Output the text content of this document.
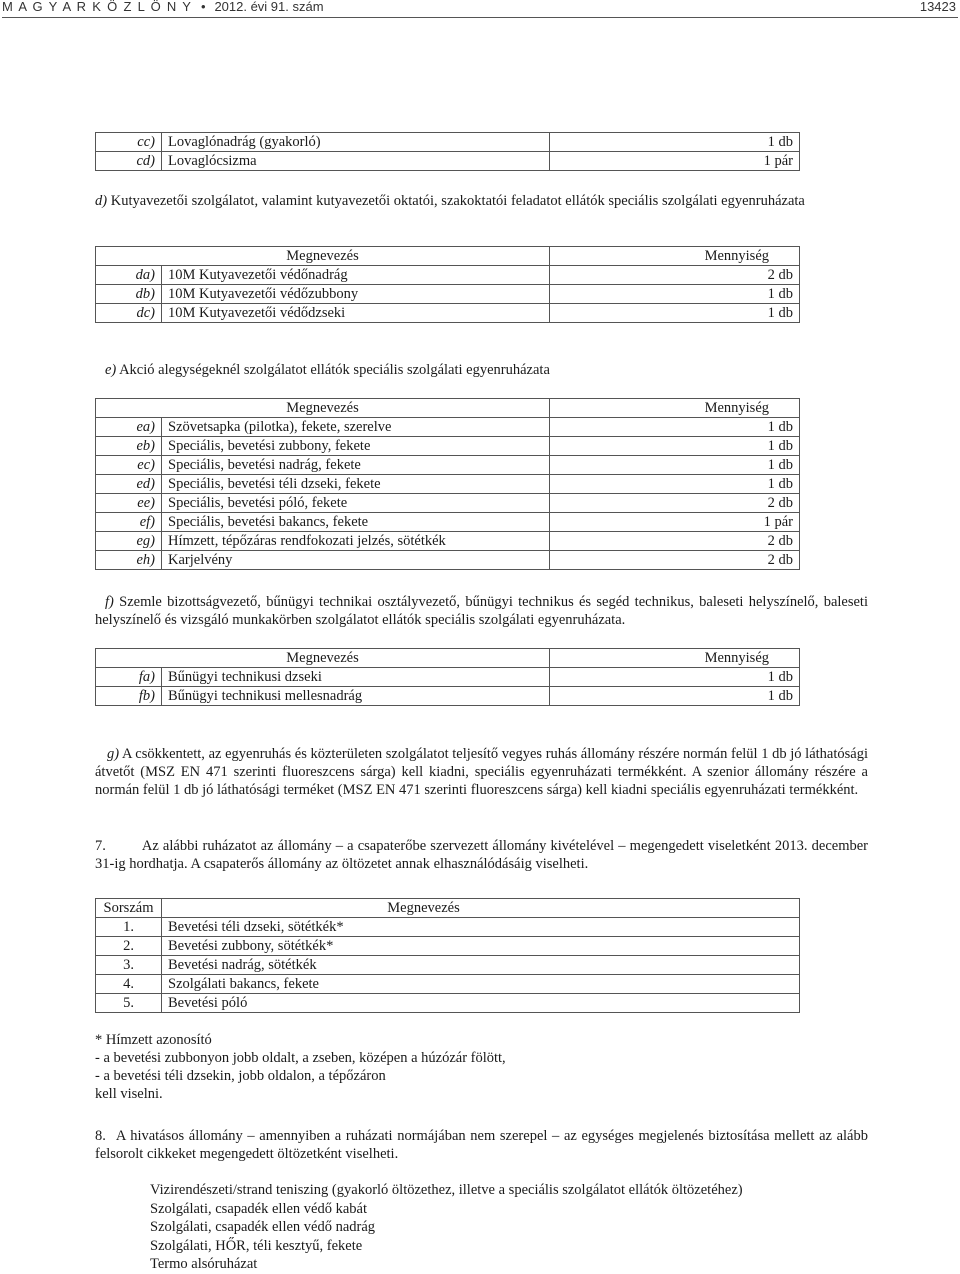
M A G Y A R K Ö Z L Ö N Y • 2012. évi 91. szám	13423
cc)	Lovaglónadrág (gyakorló)	1 db
cd)	Lovaglócsizma	1 pár

d) Kutyavezetői szolgálatot, valamint kutyavezetői oktatói, szakoktatói feladatot ellátók speciális szolgálati egyenruházata

Megnevezés		Mennyiség
da)	10M Kutyavezetői védőnadrág	2 db
db)	10M Kutyavezetői védőzubbony	1 db
dc)	10M Kutyavezetői védődzseki	1 db

e) Akció alegységeknél szolgálatot ellátók speciális szolgálati egyenruházata

Megnevezés		Mennyiség
ea)	Szövetsapka (pilotka), fekete, szerelve	1 db
eb)	Speciális, bevetési zubbony, fekete	1 db
ec)	Speciális, bevetési nadrág, fekete	1 db
ed)	Speciális, bevetési téli dzseki, fekete	1 db
ee)	Speciális, bevetési póló, fekete	2 db
ef)	Speciális, bevetési bakancs, fekete	1 pár
eg)	Hímzett, tépőzáras rendfokozati jelzés, sötétkék	2 db
eh)	Karjelvény	2 db

f) Szemle bizottságvezető, bűnügyi technikai osztályvezető, bűnügyi technikus és segéd technikus, baleseti helyszínelő, baleseti helyszínelő és vizsgáló munkakörben szolgálatot ellátók speciális szolgálati egyenruházata.

Megnevezés		Mennyiség
fa)	Bűnügyi technikusi dzseki	1 db
fb)	Bűnügyi technikusi mellesnadrág	1 db

g) A csökkentett, az egyenruhás és közterületen szolgálatot teljesítő vegyes ruhás állomány részére normán felül 1 db jó láthatósági átvetőt (MSZ EN 471 szerinti fluoreszcens sárga) kell kiadni, speciális egyenruházati termékként. A szenior állomány részére a normán felül 1 db jó láthatósági terméket (MSZ EN 471 szerinti fluoreszcens sárga) kell kiadni speciális egyenruházati termékként.

7. Az alábbi ruházatot az állomány – a csapaterőbe szervezett állomány kivételével – megengedett viseletként 2013. december 31-ig hordhatja. A csapaterős állomány az öltözetet annak elhasználódásáig viselheti.

Sorszám	Megnevezés
1.	Bevetési téli dzseki, sötétkék*
2.	Bevetési zubbony, sötétkék*
3.	Bevetési nadrág, sötétkék
4.	Szolgálati bakancs, fekete
5.	Bevetési póló
* Hímzett azonosító
- a bevetési zubbonyon jobb oldalt, a zseben, középen a húzózár fölött,
- a bevetési téli dzsekin, jobb oldalon, a tépőzáron
kell viselni.

8. A hivatásos állomány – amennyiben a ruházati normájában nem szerepel – az egységes megjelenés biztosítása mellett az alább felsorolt cikkeket megengedett öltözetként viselheti.

Vizirendészeti/strand teniszing (gyakorló öltözethez, illetve a speciális szolgálatot ellátók öltözetéhez)
Szolgálati, csapadék ellen védő kabát
Szolgálati, csapadék ellen védő nadrág
Szolgálati, HŐR, téli kesztyű, fekete
Termo alsóruházat
